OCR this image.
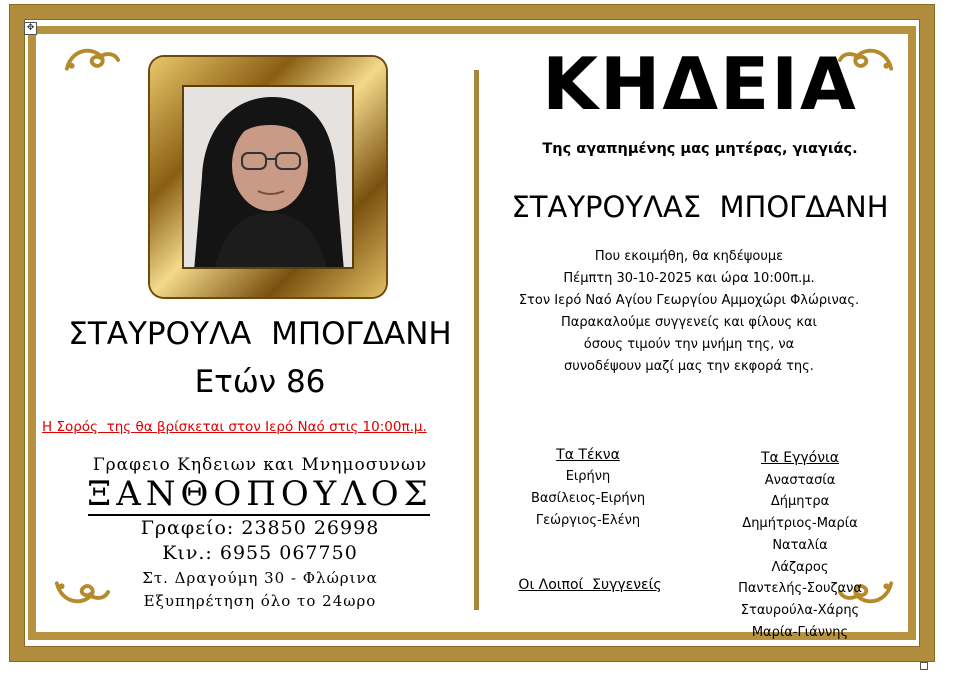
✥
ΣΤΑΥΡΟΥΛΑ  ΜΠΟΓΔΑΝΗ
Ετών 86
Η Σορός  της θα βρίσκεται στον Ιερό Ναό στις 10:00π.μ.
Γραφειο Κηδειων και Μνημοσυνων
ΞΑΝΘΟΠΟΥΛΟΣ
Γραφείο: 23850 26998
Κιν.: 6955 067750
Στ. Δραγούμη 30 - Φλώρινα
Εξυπηρέτηση όλο το 24ωρο
ΚΗΔΕΙΑ
Της αγαπημένης μας μητέρας, γιαγιάς.
ΣΤΑΥΡΟΥΛΑΣ  ΜΠΟΓΔΑΝΗ
Που εκοιμήθη, θα κηδέψουμε
Πέμπτη 30-10-2025 και ώρα 10:00π.μ.
Στον Ιερό Ναό Αγίου Γεωργίου Αμμοχώρι Φλώρινας.
Παρακαλούμε συγγενείς και φίλους και
όσους τιμούν την μνήμη της, να
συνοδέψουν μαζί μας την εκφορά της.
Τα Τέκνα
Ειρήνη
Βασίλειος-Ειρήνη
Γεώργιος-Ελένη
Οι Λοιποί  Συγγενείς
Τα Εγγόνια
Αναστασία
Δήμητρα
Δημήτριος-Μαρία
Ναταλία
Λάζαρος
Παντελής-Σουζανα
Σταυρούλα-Χάρης
Μαρία-Γιάννης
